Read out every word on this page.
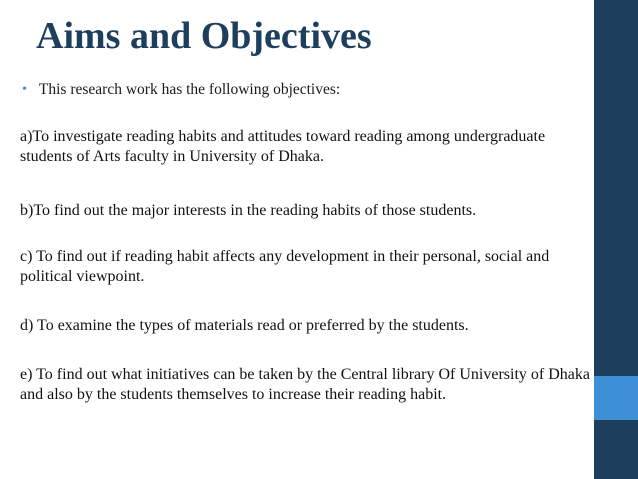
Aims and Objectives
• This research work has the following objectives:

a)To investigate reading habits and attitudes toward reading among undergraduate students of Arts faculty in University of Dhaka.

b)To find out the major interests in the reading habits of those students.

c) To find out if reading habit affects any development in their personal, social and political viewpoint.

d) To examine the types of materials read or preferred by the students.

e) To find out what initiatives can be taken by the Central library Of University of Dhaka and also by the students themselves to increase their reading habit.
